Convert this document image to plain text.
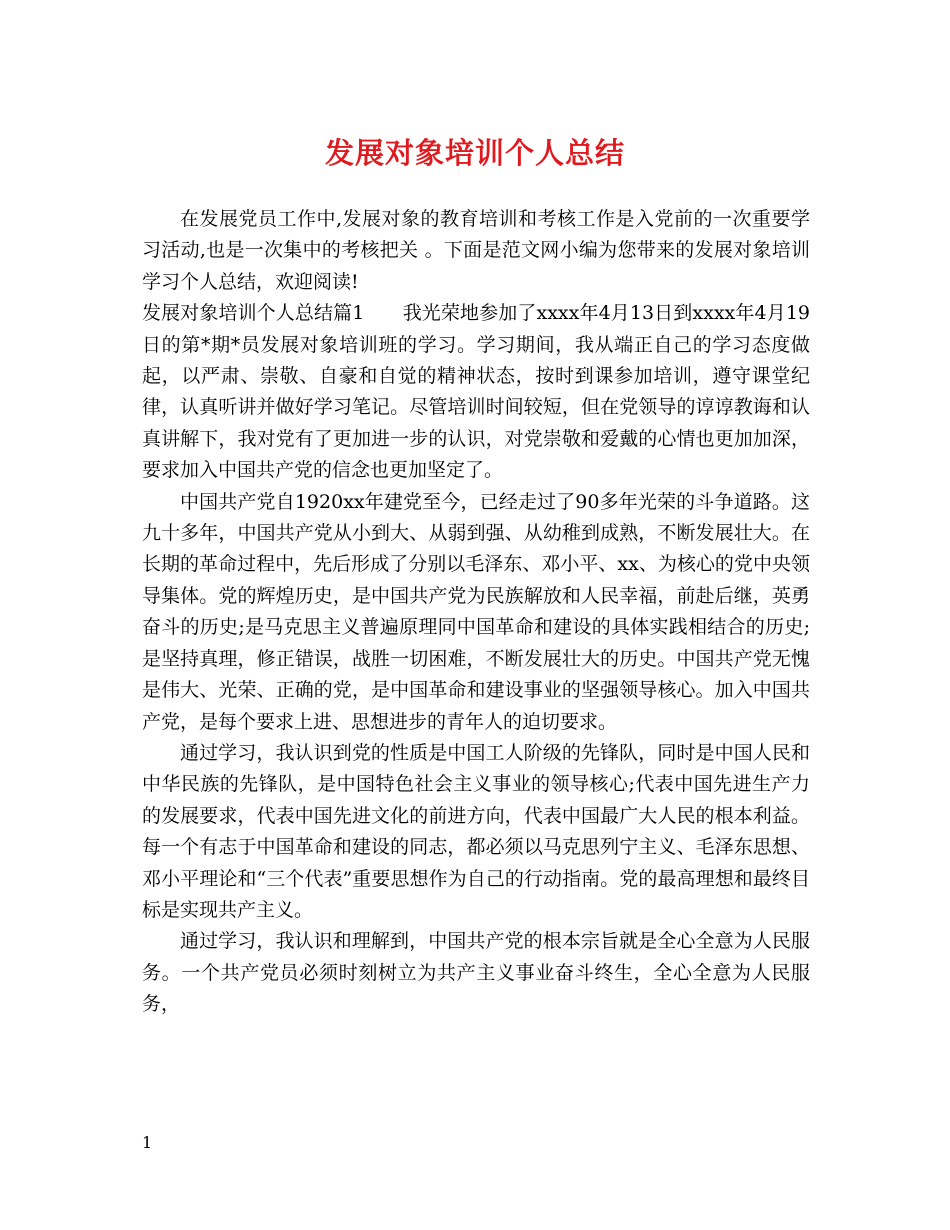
发展对象培训个人总结

在发展党员工作中,发展对象的教育培训和考核工作是入党前的一次重要学习活动,也是一次集中的考核把关 。下面是范文网小编为您带来的发展对象培训学习个人总结，欢迎阅读!

发展对象培训个人总结篇1　　我光荣地参加了xxxx年4月13日到xxxx年4月19日的第*期*员发展对象培训班的学习。学习期间，我从端正自己的学习态度做起，以严肃、崇敬、自豪和自觉的精神状态，按时到课参加培训，遵守课堂纪律，认真听讲并做好学习笔记。尽管培训时间较短，但在党领导的谆谆教诲和认真讲解下，我对党有了更加进一步的认识，对党崇敬和爱戴的心情也更加加深，要求加入中国共产党的信念也更加坚定了。

中国共产党自1920xx年建党至今，已经走过了90多年光荣的斗争道路。这九十多年，中国共产党从小到大、从弱到强、从幼稚到成熟，不断发展壮大。在长期的革命过程中，先后形成了分别以毛泽东、邓小平、xx、为核心的党中央领导集体。党的辉煌历史，是中国共产党为民族解放和人民幸福，前赴后继，英勇奋斗的历史;是马克思主义普遍原理同中国革命和建设的具体实践相结合的历史;是坚持真理，修正错误，战胜一切困难，不断发展壮大的历史。中国共产党无愧是伟大、光荣、正确的党，是中国革命和建设事业的坚强领导核心。加入中国共产党，是每个要求上进、思想进步的青年人的迫切要求。

通过学习，我认识到党的性质是中国工人阶级的先锋队，同时是中国人民和中华民族的先锋队，是中国特色社会主义事业的领导核心;代表中国先进生产力的发展要求，代表中国先进文化的前进方向，代表中国最广大人民的根本利益。每一个有志于中国革命和建设的同志，都必须以马克思列宁主义、毛泽东思想、邓小平理论和“三个代表”重要思想作为自己的行动指南。党的最高理想和最终目标是实现共产主义。

通过学习，我认识和理解到，中国共产党的根本宗旨就是全心全意为人民服务。一个共产党员必须时刻树立为共产主义事业奋斗终生，全心全意为人民服务，

1
